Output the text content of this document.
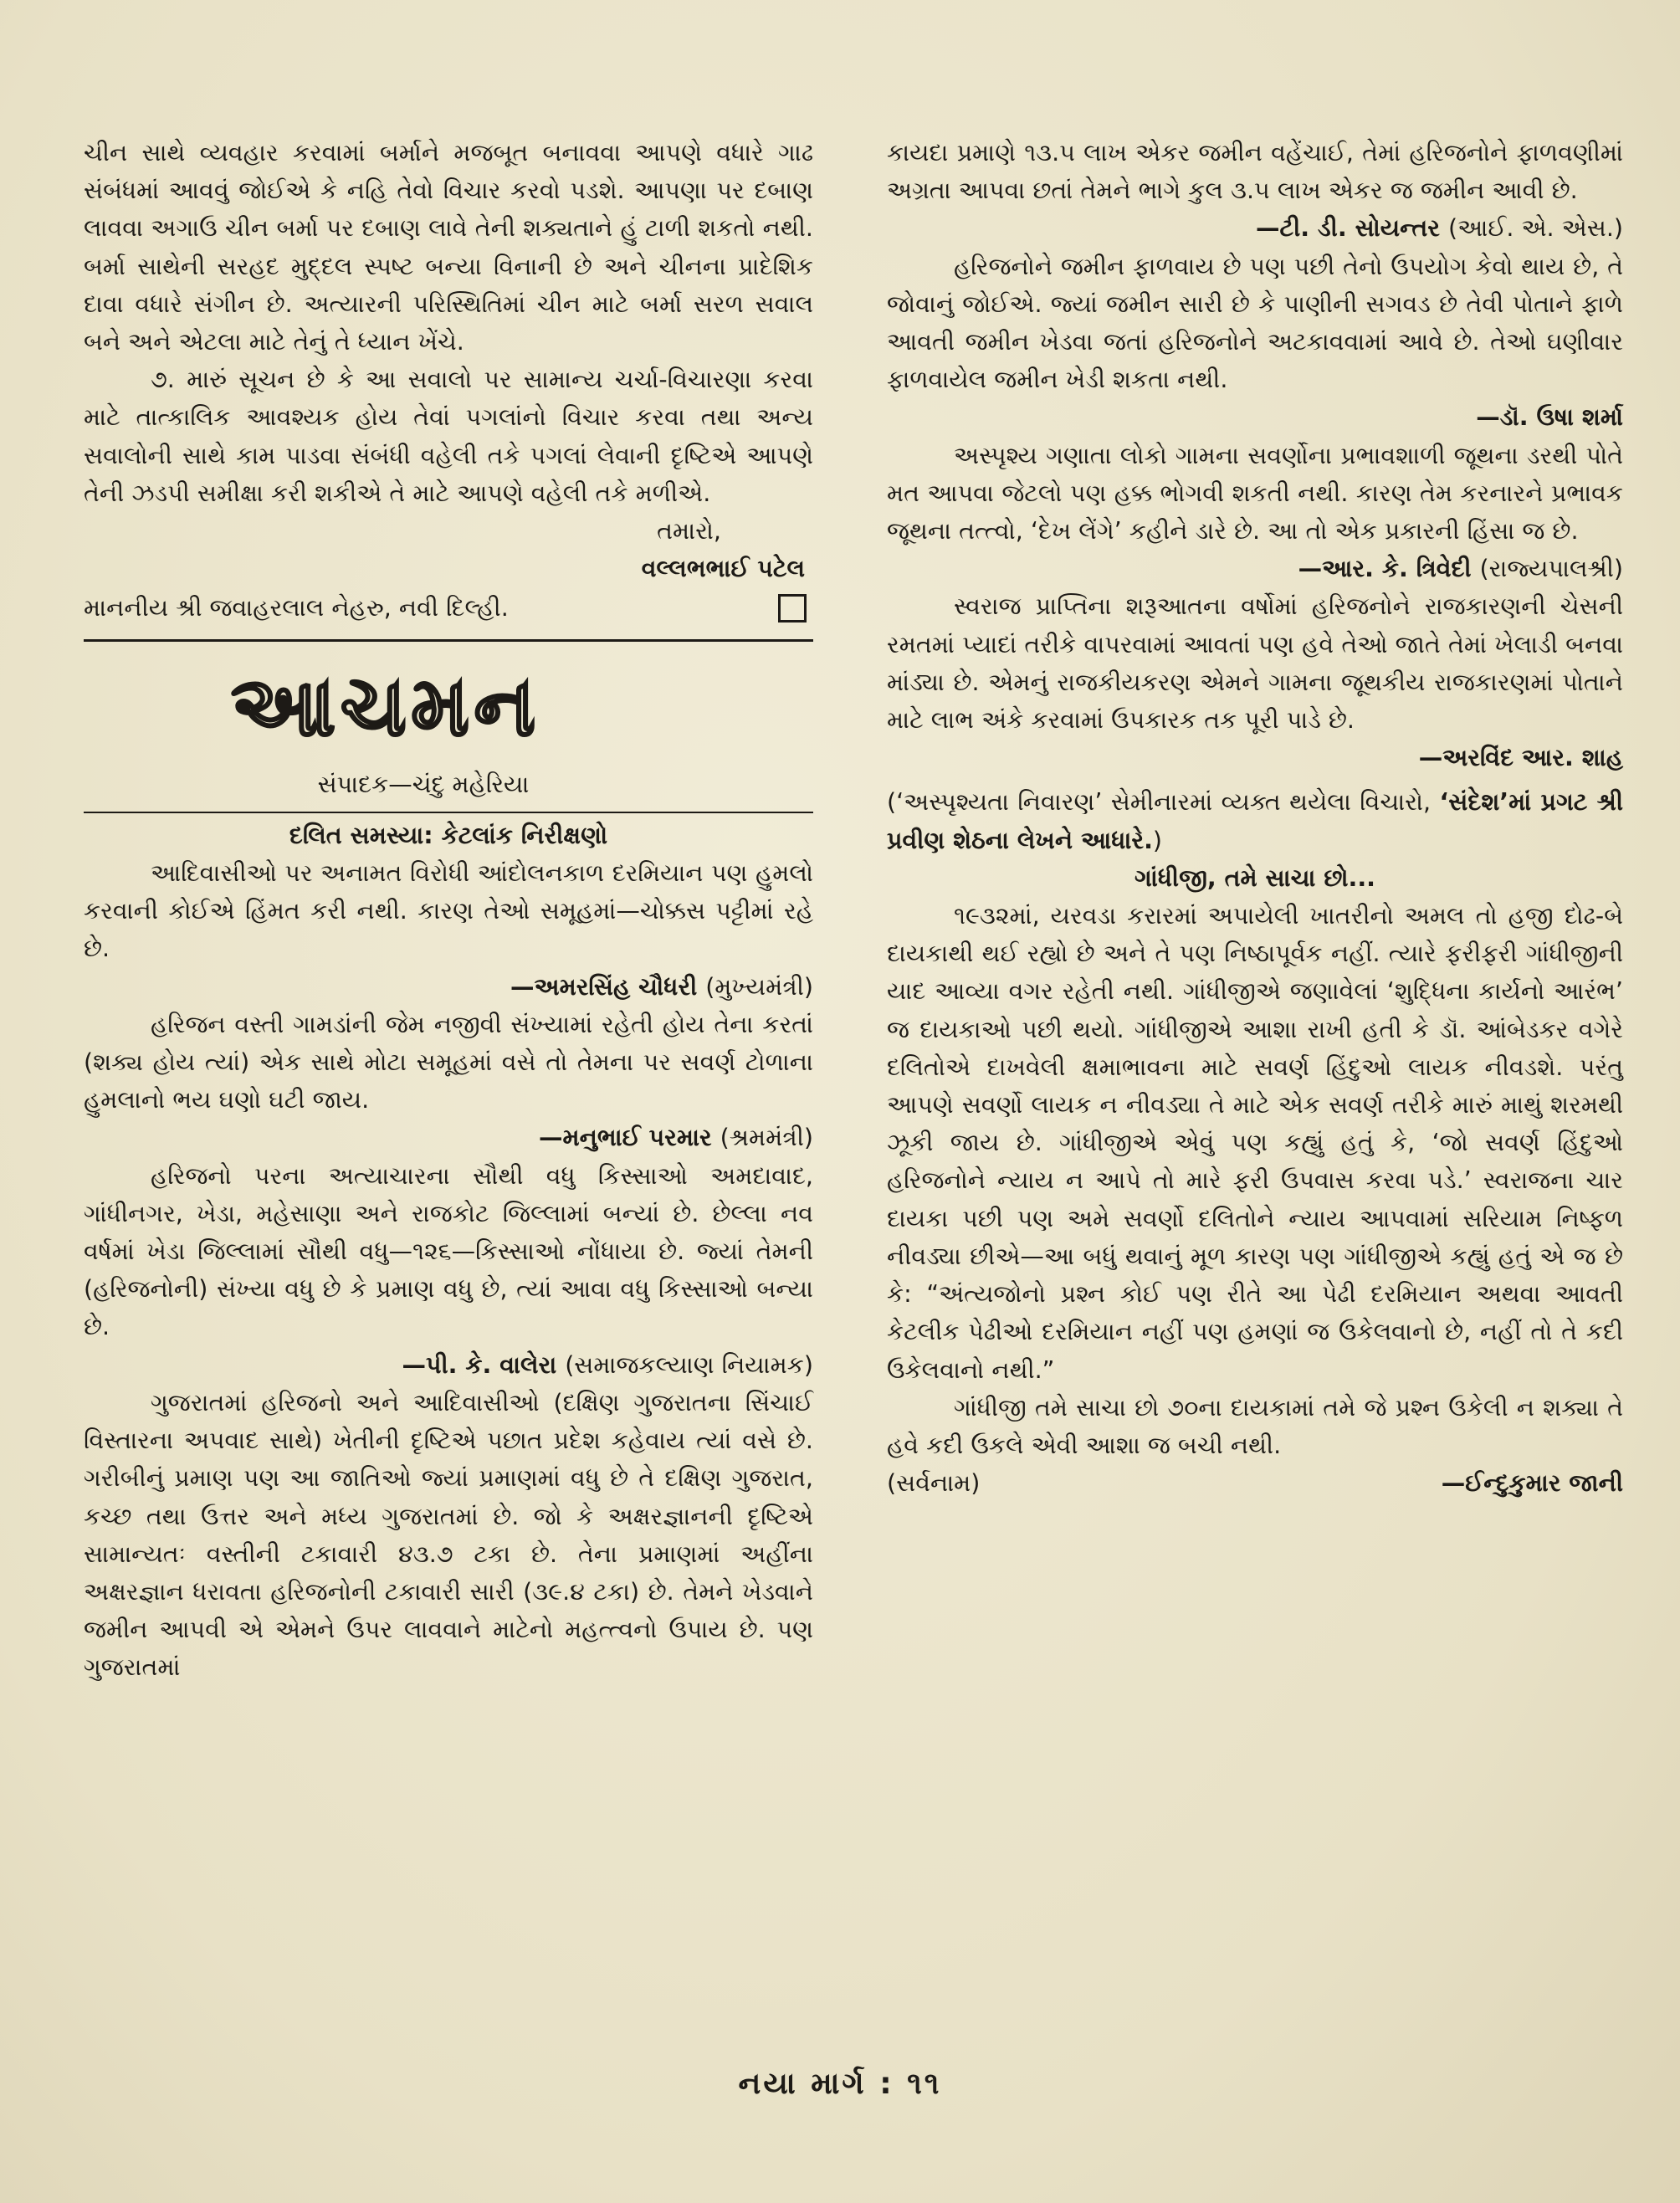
ચીન સાથે વ્યવહાર કરવામાં બર્માને મજબૂત બનાવવા આપણે વધારે ગાઢ સંબંધમાં આવવું જોઈએ કે નહિ તેવો વિચાર કરવો પડશે. આપણા પર દબાણ લાવવા અગાઉ ચીન બર્મા પર દબાણ લાવે તેની શક્યતાને હું ટાળી શકતો નથી. બર્મા સાથેની સરહદ મુદ્દલ સ્પષ્ટ બન્યા વિનાની છે અને ચીનના પ્રાદેશિક દાવા વધારે સંગીન છે. અત્યારની પરિસ્થિતિમાં ચીન માટે બર્મા સરળ સવાલ બને અને એટલા માટે તેનું તે ધ્યાન ખેંચે.

૭. મારું સૂચન છે કે આ સવાલો પર સામાન્ય ચર્ચા-વિચારણા કરવા માટે તાત્કાલિક આવશ્યક હોય તેવાં પગલાંનો વિચાર કરવા તથા અન્ય સવાલોની સાથે કામ પાડવા સંબંધી વહેલી તકે પગલાં લેવાની દૃષ્ટિએ આપણે તેની ઝડપી સમીક્ષા કરી શકીએ તે માટે આપણે વહેલી તકે મળીએ.

તમારો,
વલ્લભભાઈ પટેલ
માનનીય શ્રી જવાહરલાલ નેહરુ, નવી દિલ્હી.
આચમન
સંપાદક—ચંદુ મહેરિયા
દલિત સમસ્યા: કેટલાંક નિરીક્ષણો

આદિવાસીઓ પર અનામત વિરોધી આંદોલનકાળ દરમિયાન પણ હુમલો કરવાની કોઈએ હિંમત કરી નથી. કારણ તેઓ સમૂહમાં—ચોક્કસ પટ્ટીમાં રહે છે.

—અમરસિંહ ચૌધરી (મુખ્યમંત્રી)

હરિજન વસ્તી ગામડાંની જેમ નજીવી સંખ્યામાં રહેતી હોય તેના કરતાં (શક્ય હોય ત્યાં) એક સાથે મોટા સમૂહમાં વસે તો તેમના પર સવર્ણ ટોળાના હુમલાનો ભય ઘણો ઘટી જાય.

—મનુભાઈ પરમાર (શ્રમમંત્રી)

હરિજનો પરના અત્યાચારના સૌથી વધુ કિસ્સાઓ અમદાવાદ, ગાંધીનગર, ખેડા, મહેસાણા અને રાજકોટ જિલ્લામાં બન્યાં છે. છેલ્લા નવ વર્ષમાં ખેડા જિલ્લામાં સૌથી વધુ—૧૨૬—કિસ્સાઓ નોંધાયા છે. જ્યાં તેમની (હરિજનોની) સંખ્યા વધુ છે કે પ્રમાણ વધુ છે, ત્યાં આવા વધુ કિસ્સાઓ બન્યા છે.

—પી. કે. વાલેરા (સમાજકલ્યાણ નિયામક)

ગુજરાતમાં હરિજનો અને આદિવાસીઓ (દક્ષિણ ગુજરાતના સિંચાઈ વિસ્તારના અપવાદ સાથે) ખેતીની દૃષ્ટિએ પછાત પ્રદેશ કહેવાય ત્યાં વસે છે. ગરીબીનું પ્રમાણ પણ આ જાતિઓ જ્યાં પ્રમાણમાં વધુ છે તે દક્ષિણ ગુજરાત, કચ્છ તથા ઉત્તર અને મધ્ય ગુજરાતમાં છે. જો કે અક્ષરજ્ઞાનની દૃષ્ટિએ સામાન્યતઃ વસ્તીની ટકાવારી ૪૩.૭ ટકા છે. તેના પ્રમાણમાં અહીંના અક્ષરજ્ઞાન ધરાવતા હરિજનોની ટકાવારી સારી (૩૯.૪ ટકા) છે. તેમને ખેડવાને જમીન આપવી એ એમને ઉપર લાવવાને માટેનો મહત્ત્વનો ઉપાય છે. પણ ગુજરાતમાં

કાયદા પ્રમાણે ૧૩.૫ લાખ એકર જમીન વહેંચાઈ, તેમાં હરિજનોને ફાળવણીમાં અગ્રતા આપવા છતાં તેમને ભાગે કુલ ૩.૫ લાખ એકર જ જમીન આવી છે.

—ટી. ડી. સોયન્તર (આઈ. એ. એસ.)

હરિજનોને જમીન ફાળવાય છે પણ પછી તેનો ઉપયોગ કેવો થાય છે, તે જોવાનું જોઈએ. જ્યાં જમીન સારી છે કે પાણીની સગવડ છે તેવી પોતાને ફાળે આવતી જમીન ખેડવા જતાં હરિજનોને અટકાવવામાં આવે છે. તેઓ ઘણીવાર ફાળવાયેલ જમીન ખેડી શકતા નથી.

—ડૉ. ઉષા શર્મા

અસ્પૃશ્ય ગણાતા લોકો ગામના સવર્ણોના પ્રભાવશાળી જૂથના ડરથી પોતે મત આપવા જેટલો પણ હક્ક ભોગવી શકતી નથી. કારણ તેમ કરનારને પ્રભાવક જૂથના તત્ત્વો, ‘દેખ લેંગે’ કહીને ડારે છે. આ તો એક પ્રકારની હિંસા જ છે.

—આર. કે. ત્રિવેદી (રાજ્યપાલશ્રી)

સ્વરાજ પ્રાપ્તિના શરૂઆતના વર્ષોમાં હરિજનોને રાજકારણની ચેસની રમતમાં પ્યાદાં તરીકે વાપરવામાં આવતાં પણ હવે તેઓ જાતે તેમાં ખેલાડી બનવા માંડ્યા છે. એમનું રાજકીયકરણ એમને ગામના જૂથકીય રાજકારણમાં પોતાને માટે લાભ અંકે કરવામાં ઉપકારક તક પૂરી પાડે છે.

—અરવિંદ આર. શાહ

(‘અસ્પૃશ્યતા નિવારણ’ સેમીનારમાં વ્યક્ત થયેલા વિચારો, ‘સંદેશ’માં પ્રગટ શ્રી પ્રવીણ શેઠના લેખને આધારે.)

ગાંધીજી, તમે સાચા છો...

૧૯૩૨માં, યરવડા કરારમાં અપાયેલી ખાતરીનો અમલ તો હજી દોઢ-બે દાયકાથી થઈ રહ્યો છે અને તે પણ નિષ્ઠાપૂર્વક નહીં. ત્યારે ફરીફરી ગાંધીજીની યાદ આવ્યા વગર રહેતી નથી. ગાંધીજીએ જણાવેલાં ‘શુદ્ધિના કાર્યનો આરંભ’ જ દાયકાઓ પછી થયો. ગાંધીજીએ આશા રાખી હતી કે ડૉ. આંબેડકર વગેરે દલિતોએ દાખવેલી ક્ષમાભાવના માટે સવર્ણ હિંદુઓ લાયક નીવડશે. પરંતુ આપણે સવર્ણો લાયક ન નીવડ્યા તે માટે એક સવર્ણ તરીકે મારું માથું શરમથી ઝૂકી જાય છે. ગાંધીજીએ એવું પણ કહ્યું હતું કે, ‘જો સવર્ણ હિંદુઓ હરિજનોને ન્યાય ન આપે તો મારે ફરી ઉપવાસ કરવા પડે.’ સ્વરાજના ચાર દાયકા પછી પણ અમે સવર્ણો દલિતોને ન્યાય આપવામાં સરિયામ નિષ્ફળ નીવડ્યા છીએ—આ બધું થવાનું મૂળ કારણ પણ ગાંધીજીએ કહ્યું હતું એ જ છે કે: “અંત્યજોનો પ્રશ્ન કોઈ પણ રીતે આ પેઢી દરમિયાન અથવા આવતી કેટલીક પેઢીઓ દરમિયાન નહીં પણ હમણાં જ ઉકેલવાનો છે, નહીં તો તે કદી ઉકેલવાનો નથી.”

ગાંધીજી તમે સાચા છો ૭૦ના દાયકામાં તમે જે પ્રશ્ન ઉકેલી ન શક્યા તે હવે કદી ઉકલે એવી આશા જ બચી નથી.

(સર્વનામ)	—ઈન્દુકુમાર જાની
નયા માર્ગ : ૧૧
